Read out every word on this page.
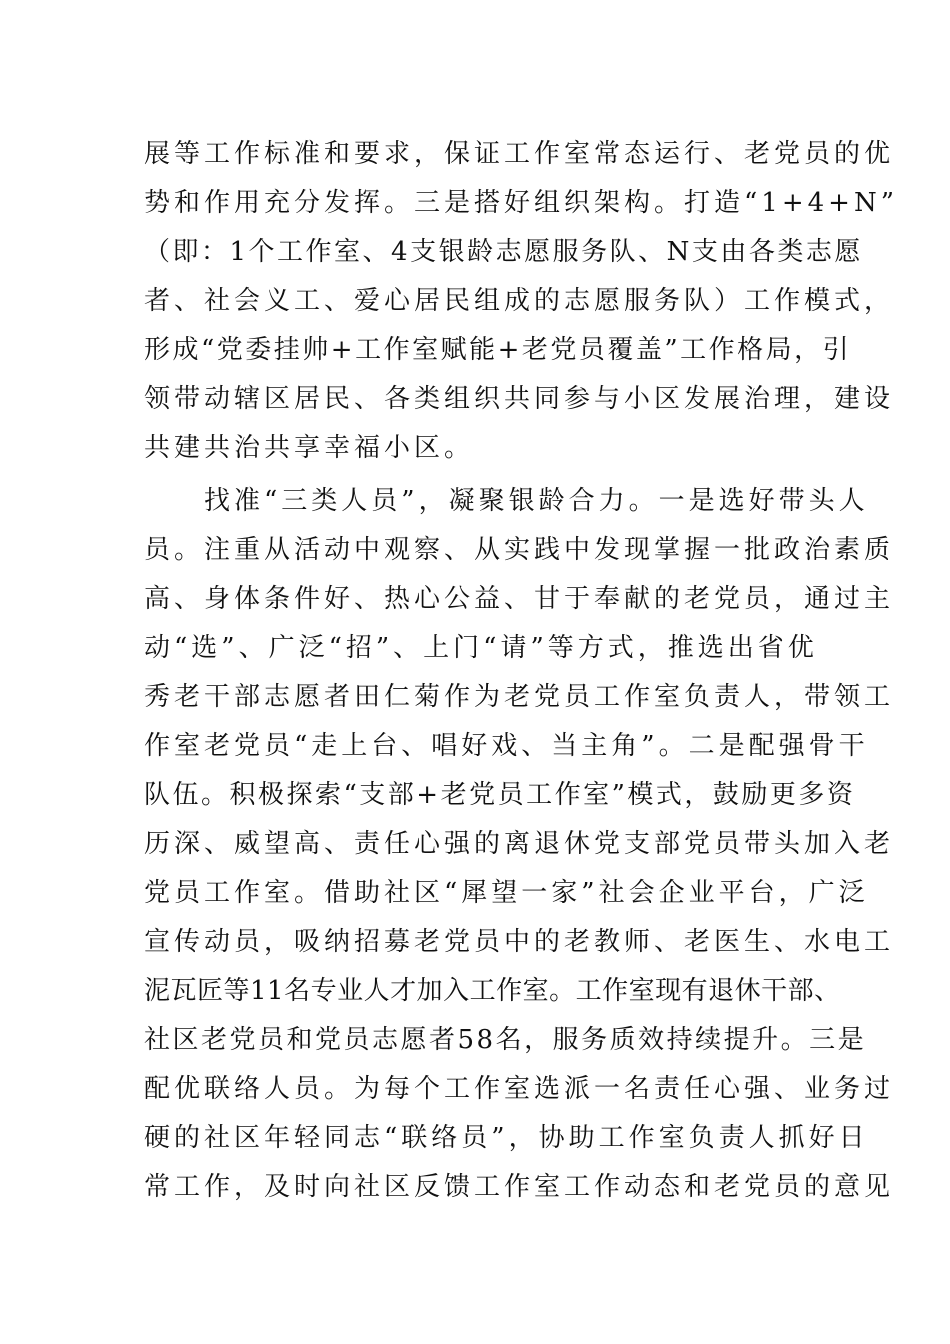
展等工作标准和要求，保证工作室常态运行、老党员的优
势和作用充分发挥。三是搭好组织架构。打造“1+4+N”
（即：1个工作室、4支银龄志愿服务队、N支由各类志愿
者、社会义工、爱心居民组成的志愿服务队）工作模式，
形成“党委挂帅+工作室赋能+老党员覆盖”工作格局，引
领带动辖区居民、各类组织共同参与小区发展治理，建设
共建共治共享幸福小区。
　　找准“三类人员”，凝聚银龄合力。一是选好带头人
员。注重从活动中观察、从实践中发现掌握一批政治素质
高、身体条件好、热心公益、甘于奉献的老党员，通过主
动“选”、广泛“招”、上门“请”等方式，推选出省优
秀老干部志愿者田仁菊作为老党员工作室负责人，带领工
作室老党员“走上台、唱好戏、当主角”。二是配强骨干
队伍。积极探索“支部+老党员工作室”模式，鼓励更多资
历深、威望高、责任心强的离退休党支部党员带头加入老
党员工作室。借助社区“犀望一家”社会企业平台，广泛
宣传动员，吸纳招募老党员中的老教师、老医生、水电工
泥瓦匠等11名专业人才加入工作室。工作室现有退休干部、
社区老党员和党员志愿者58名，服务质效持续提升。三是
配优联络人员。为每个工作室选派一名责任心强、业务过
硬的社区年轻同志“联络员”，协助工作室负责人抓好日
常工作，及时向社区反馈工作室工作动态和老党员的意见
